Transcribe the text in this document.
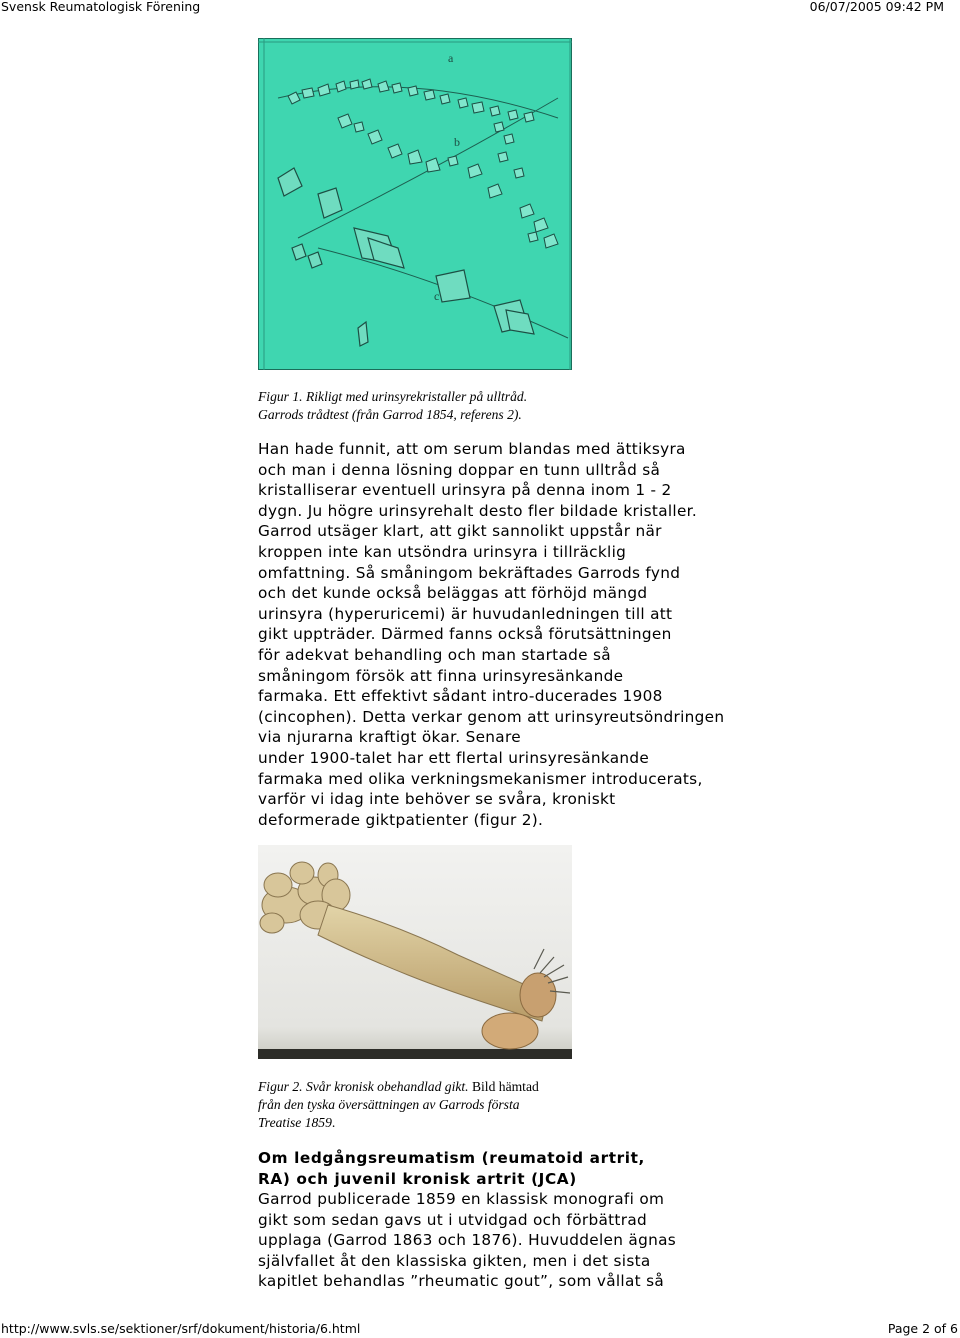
Svensk Reumatologisk Förening	06/07/2005 09:42 PM
a
b
c
Figur 1. Rikligt med urinsyrekristaller på ulltråd.
Garrods trådtest (från Garrod 1854, referens 2).
Han hade funnit, att om serum blandas med ättiksyra
och man i denna lösning doppar en tunn ulltråd så
kristalliserar eventuell urinsyra på denna inom 1 - 2
dygn. Ju högre urinsyrehalt desto fler bildade kristaller.
Garrod utsäger klart, att gikt sannolikt uppstår när
kroppen inte kan utsöndra urinsyra i tillräcklig
omfattning. Så småningom bekräftades Garrods fynd
och det kunde också beläggas att förhöjd mängd
urinsyra (hyperuricemi) är huvudanledningen till att
gikt uppträder. Därmed fanns också förutsättningen
för adekvat behandling och man startade så
småningom försök att finna urinsyresänkande
farmaka. Ett effektivt sådant intro-ducerades 1908
(cincophen). Detta verkar genom att urinsyreutsöndringen
via njurarna kraftigt ökar. Senare
under 1900-talet har ett flertal urinsyresänkande
farmaka med olika verkningsmekanismer introducerats,
varför vi idag inte behöver se svåra, kroniskt
deformerade giktpatienter (figur 2).
Figur 2. Svår kronisk obehandlad gikt. Bild hämtad
från den tyska översättningen av Garrods första
Treatise 1859.
Om ledgångsreumatism (reumatoid artrit,
RA) och juvenil kronisk artrit (JCA)
Garrod publicerade 1859 en klassisk monografi om
gikt som sedan gavs ut i utvidgad och förbättrad
upplaga (Garrod 1863 och 1876). Huvuddelen ägnas
självfallet åt den klassiska gikten, men i det sista
kapitlet behandlas ”rheumatic gout”, som vållat så
http://www.svls.se/sektioner/srf/dokument/historia/6.html	Page 2 of 6
